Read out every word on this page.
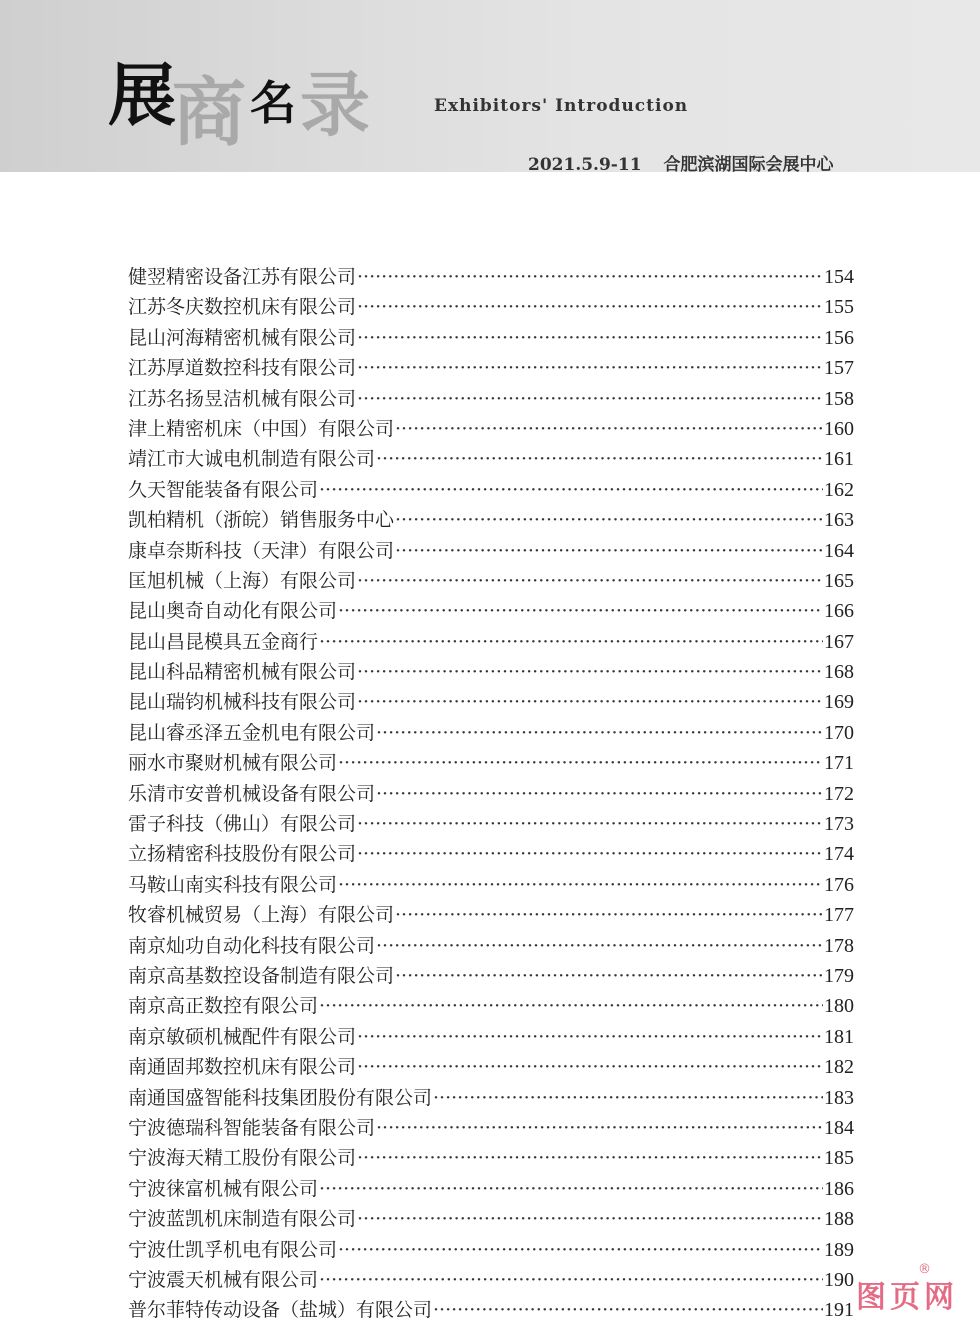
展
商 名 录	Exhibitors' Introduction
2021.5.9-11 合肥滨湖国际会展中心
健翌精密设备江苏有限公司 ·····	154
江苏冬庆数控机床有限公司 ·····	155
昆山河海精密机械有限公司 ·····	156
江苏厚道数控科技有限公司 ·····	157
江苏名扬昱洁机械有限公司 ·····	158
津上精密机床（中国）有限公司 ·····	160
靖江市大诚电机制造有限公司 ·····	161
久天智能装备有限公司 ·····	162
凯柏精机（浙皖）销售服务中心 ·····	163
康卓奈斯科技（天津）有限公司 ·····	164
匡旭机械（上海）有限公司 ·····	165
昆山奥奇自动化有限公司 ·····	166
昆山昌昆模具五金商行 ·····	167
昆山科品精密机械有限公司 ·····	168
昆山瑞钧机械科技有限公司 ·····	169
昆山睿丞泽五金机电有限公司 ·····	170
丽水市聚财机械有限公司 ·····	171
乐清市安普机械设备有限公司 ·····	172
雷子科技（佛山）有限公司 ·····	173
立扬精密科技股份有限公司 ·····	174
马鞍山南实科技有限公司 ·····	176
牧睿机械贸易（上海）有限公司 ·····	177
南京灿功自动化科技有限公司 ·····	178
南京高基数控设备制造有限公司 ·····	179
南京高正数控有限公司 ·····	180
南京敏硕机械配件有限公司 ·····	181
南通固邦数控机床有限公司 ·····	182
南通国盛智能科技集团股份有限公司 ·····	183
宁波德瑞科智能装备有限公司 ·····	184
宁波海天精工股份有限公司 ·····	185
宁波徕富机械有限公司 ·····	186
宁波蓝凯机床制造有限公司 ·····	188
宁波仕凯孚机电有限公司 ·····	189
宁波震天机械有限公司 ·····	190
普尔菲特传动设备（盐城）有限公司 ·····	191 图页网
®
